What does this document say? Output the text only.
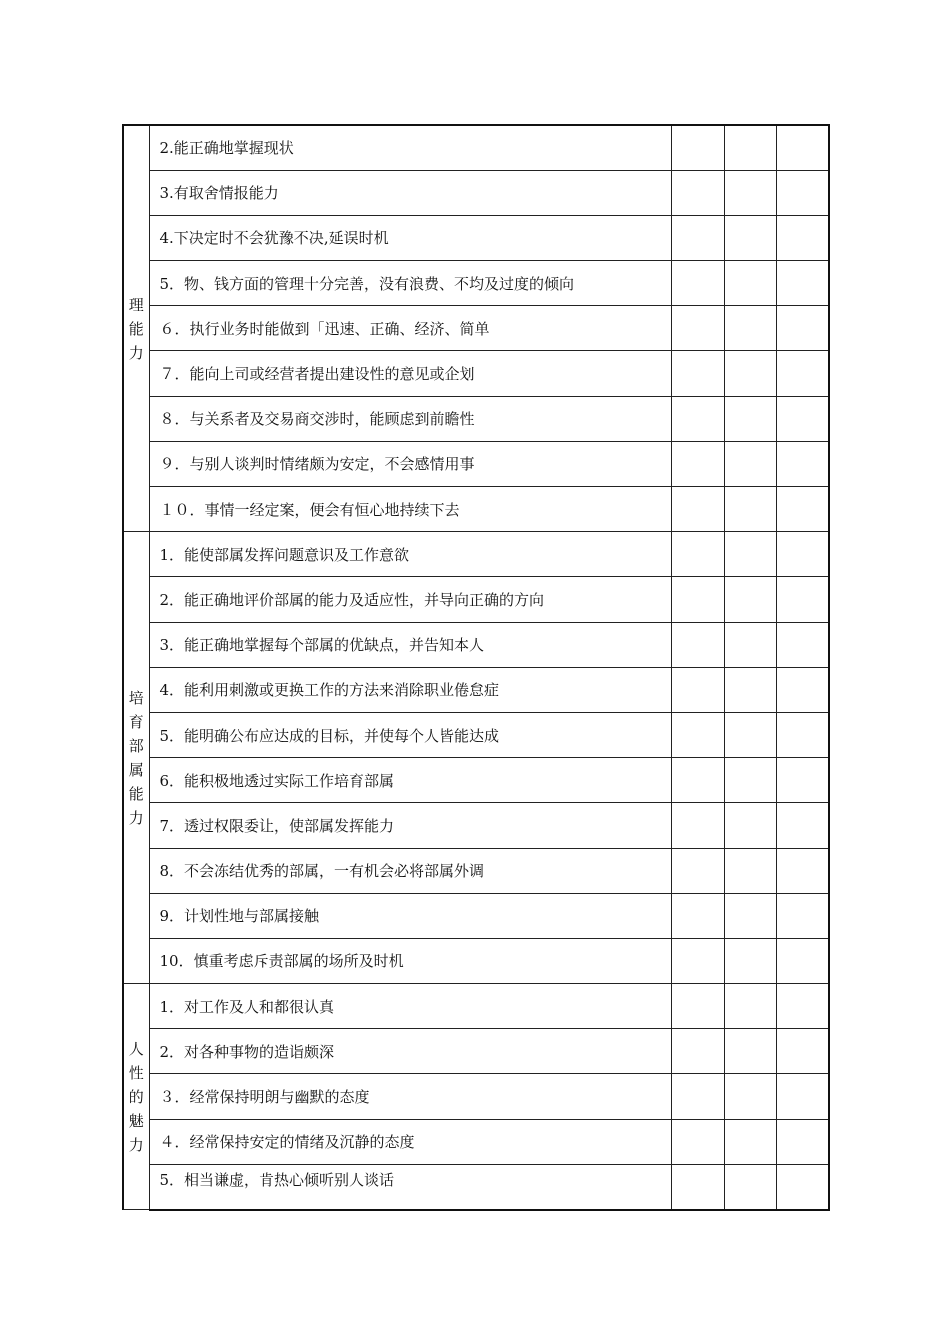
理能力	2.能正确地掌握现状			
	3.有取舍情报能力			
	4.下决定时不会犹豫不决,延误时机			
	5．物、钱方面的管理十分完善，没有浪费、不均及过度的倾向			
	６．执行业务时能做到「迅速、正确、经济、简单			
	７．能向上司或经营者提出建设性的意见或企划			
	８．与关系者及交易商交涉时，能顾虑到前瞻性			
	９．与别人谈判时情绪颇为安定，不会感情用事			
	１０．事情一经定案，便会有恒心地持续下去			
培育部属能力	1．能使部属发挥问题意识及工作意欲			
	2．能正确地评价部属的能力及适应性，并导向正确的方向			
	3．能正确地掌握每个部属的优缺点，并告知本人			
	4．能利用刺激或更换工作的方法来消除职业倦怠症			
	5．能明确公布应达成的目标，并使每个人皆能达成			
	6．能积极地透过实际工作培育部属			
	7．透过权限委让，使部属发挥能力			
	8．不会冻结优秀的部属，一有机会必将部属外调			
	9．计划性地与部属接触			
	10．慎重考虑斥责部属的场所及时机			
人性的魅力	1．对工作及人和都很认真			
	2．对各种事物的造诣颇深			
	３．经常保持明朗与幽默的态度			
	４．经常保持安定的情绪及沉静的态度			
	5．相当谦虚，肯热心倾听别人谈话			
